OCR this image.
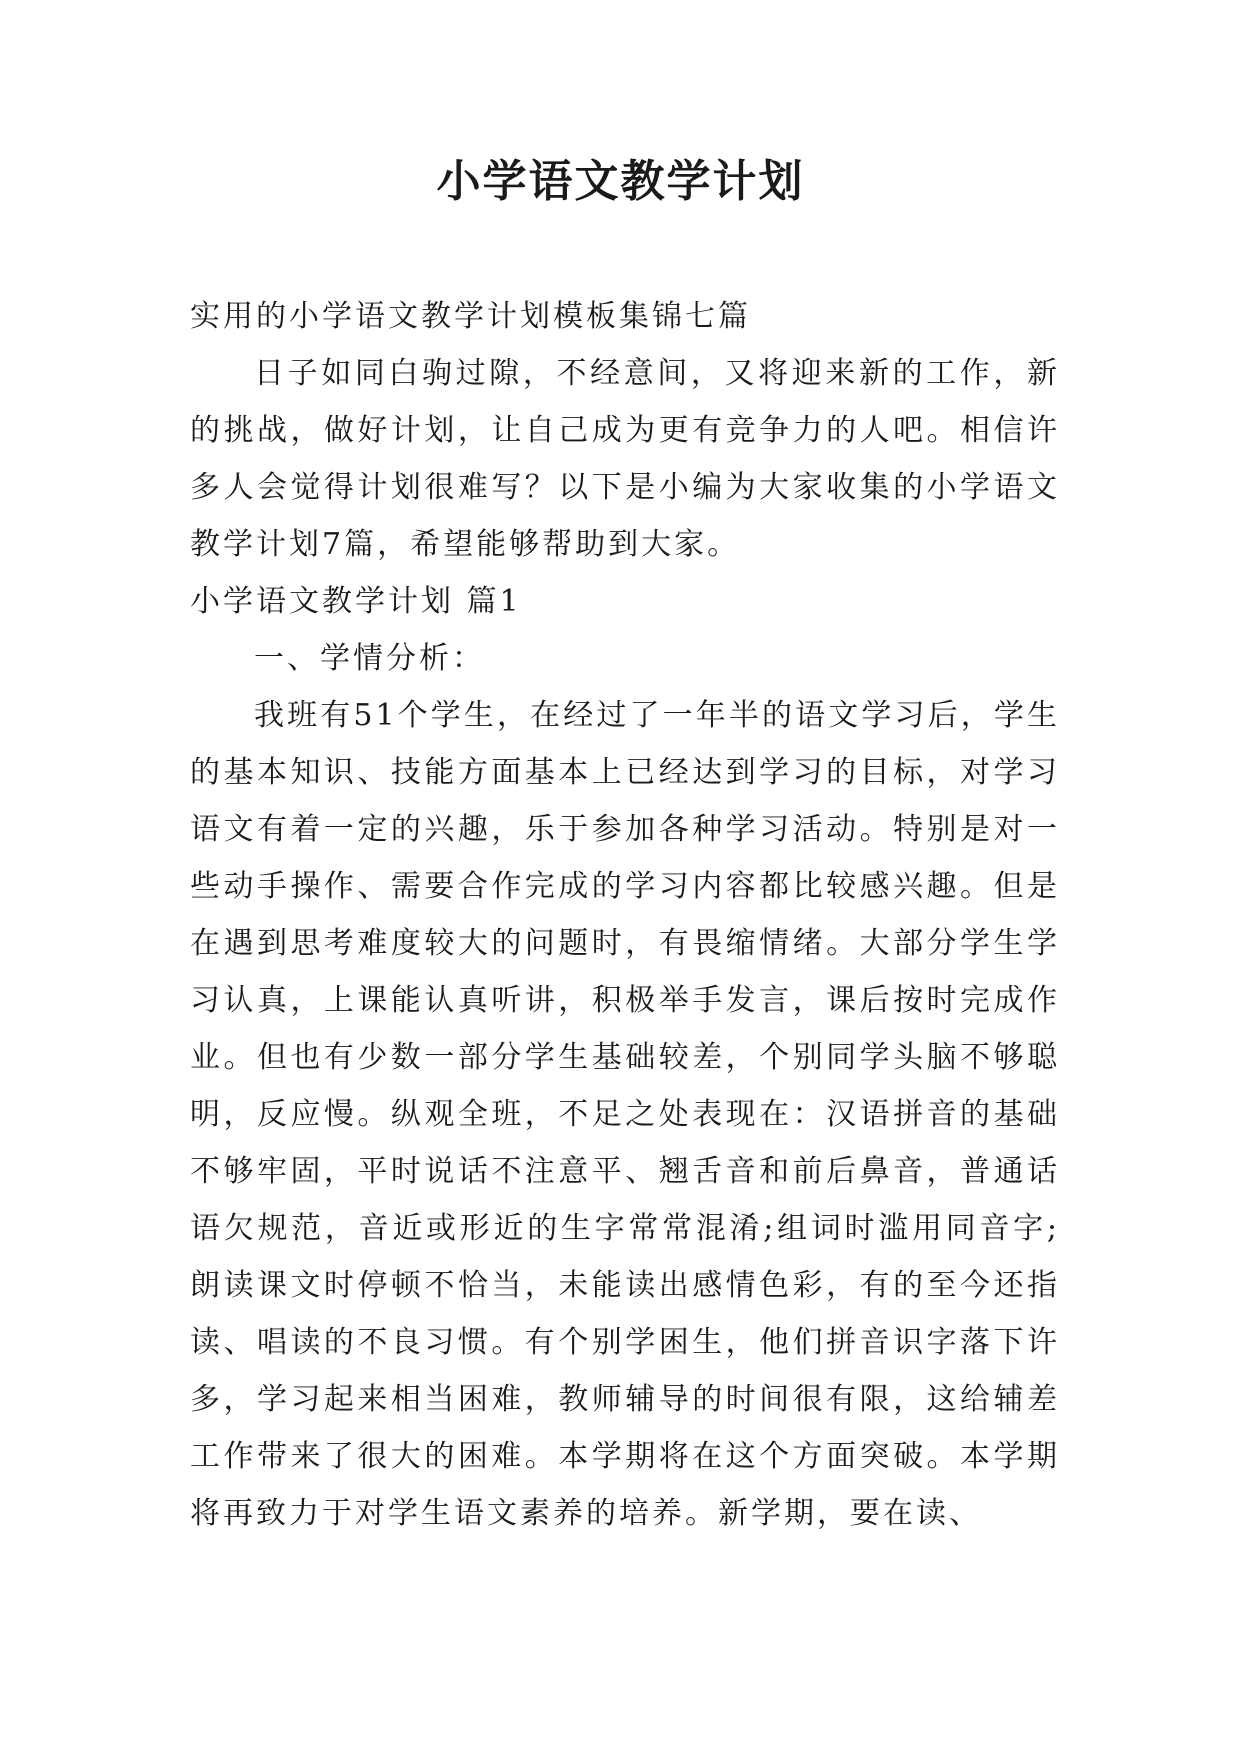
小学语文教学计划

实用的小学语文教学计划模板集锦七篇

日子如同白驹过隙，不经意间，又将迎来新的工作，新的挑战，做好计划，让自己成为更有竞争力的人吧。相信许多人会觉得计划很难写？以下是小编为大家收集的小学语文教学计划7篇，希望能够帮助到大家。

小学语文教学计划 篇1

一、学情分析：

我班有51个学生，在经过了一年半的语文学习后，学生的基本知识、技能方面基本上已经达到学习的目标，对学习语文有着一定的兴趣，乐于参加各种学习活动。特别是对一些动手操作、需要合作完成的学习内容都比较感兴趣。但是在遇到思考难度较大的问题时，有畏缩情绪。大部分学生学习认真，上课能认真听讲，积极举手发言，课后按时完成作业。但也有少数一部分学生基础较差，个别同学头脑不够聪明，反应慢。纵观全班，不足之处表现在：汉语拼音的基础不够牢固，平时说话不注意平、翘舌音和前后鼻音，普通话语欠规范，音近或形近的生字常常混淆;组词时滥用同音字;朗读课文时停顿不恰当，未能读出感情色彩，有的至今还指读、唱读的不良习惯。有个别学困生，他们拼音识字落下许多，学习起来相当困难，教师辅导的时间很有限，这给辅差工作带来了很大的困难。本学期将在这个方面突破。本学期将再致力于对学生语文素养的培养。新学期，要在读、
